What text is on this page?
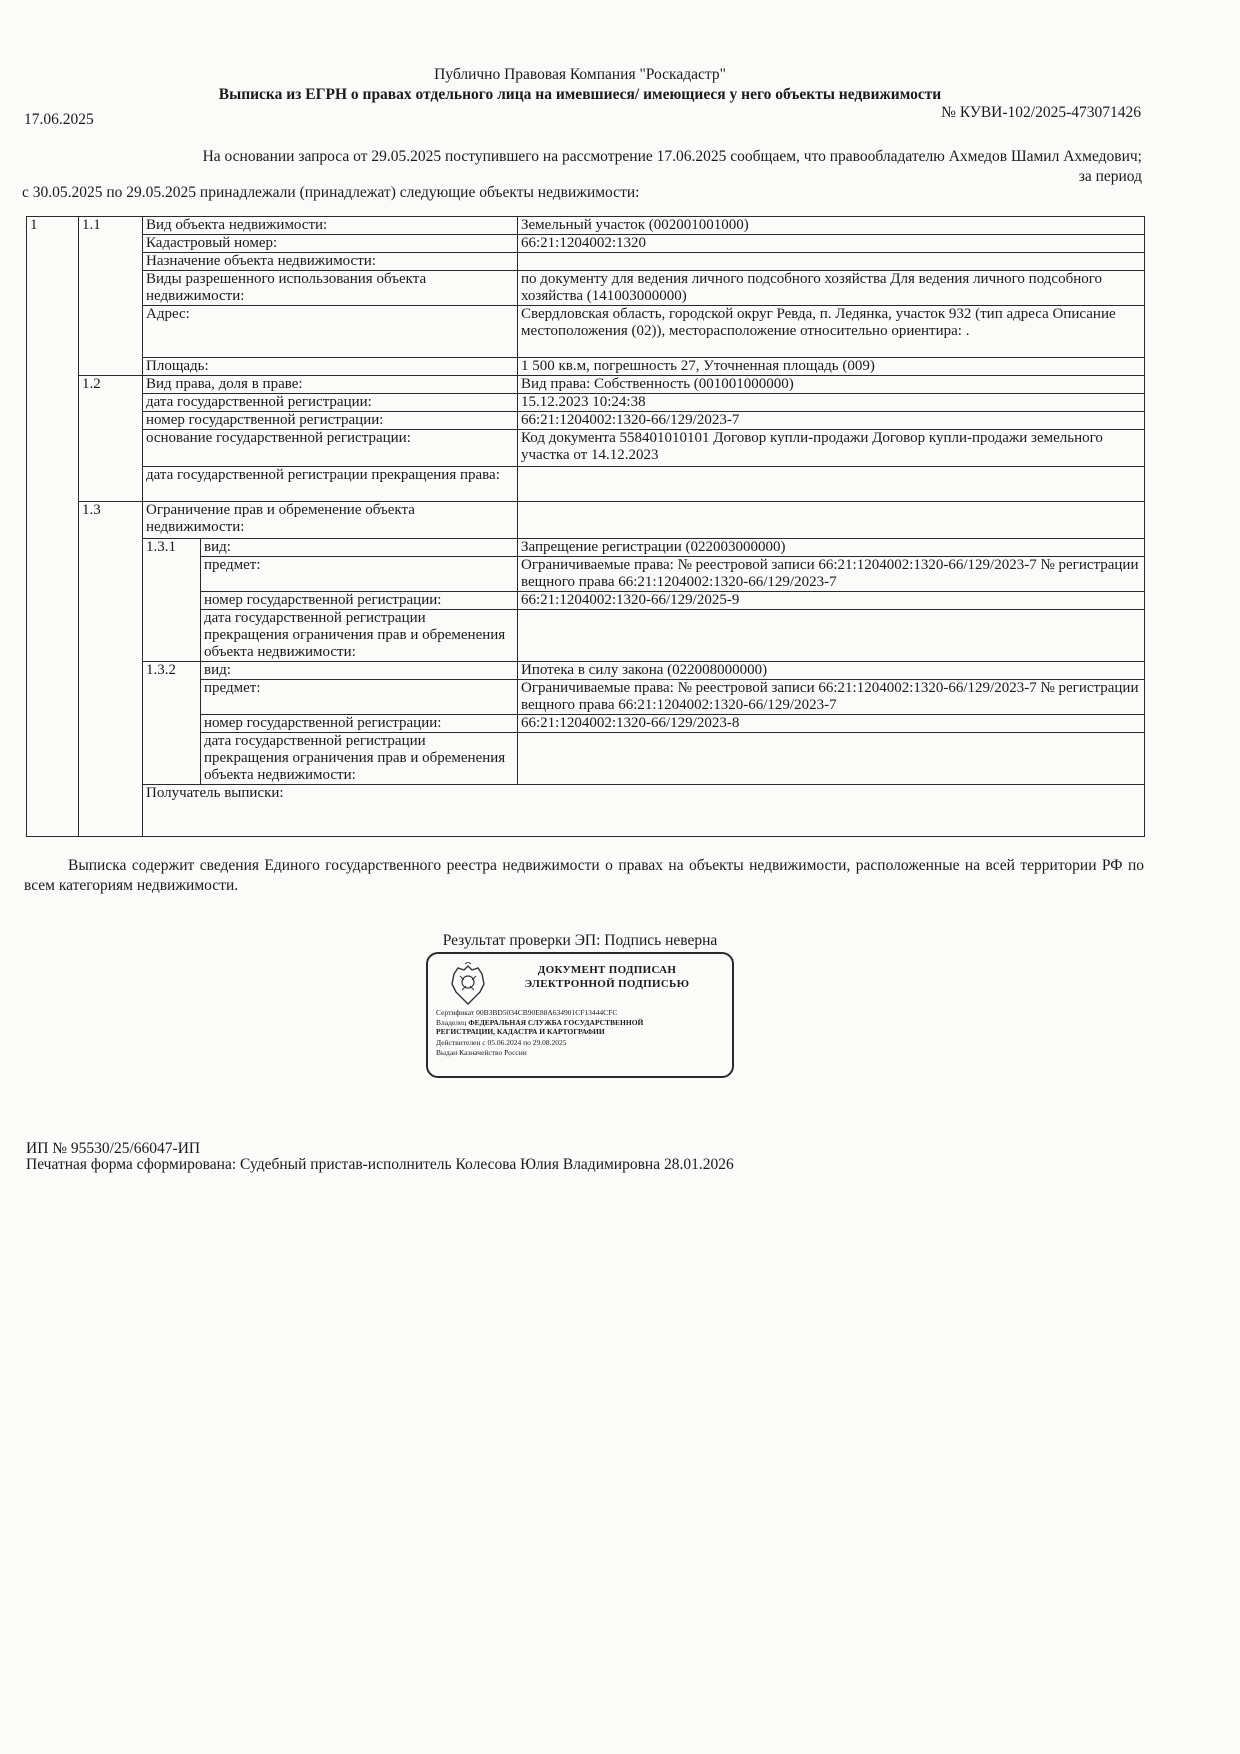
Публично Правовая Компания "Роскадастр"
Выписка из ЕГРН о правах отдельного лица на имевшиеся/ имеющиеся у него объекты недвижимости
17.06.2025	№ КУВИ-102/2025-473071426
На основании запроса от 29.05.2025 поступившего на рассмотрение 17.06.2025 сообщаем, что правообладателю Ахмедов Шамил Ахмедович;
за период
с 30.05.2025 по 29.05.2025 принадлежали (принадлежат) следующие объекты недвижимости:
1	1.1	Вид объекта недвижимости:		Земельный участок (002001001000)	
		Кадастровый номер:		66:21:1204002:1320	
		Назначение объекта недвижимости:			
		Виды разрешенного использования объекта недвижимости:		по документу для ведения личного подсобного хозяйства Для ведения личного подсобного хозяйства (141003000000)	
		Адрес:		Свердловская область, городской округ Ревда, п. Ледянка, участок 932 (тип адреса Описание местоположения (02)), месторасположение относительно ориентира: .	
		Площадь:		1 500 кв.м, погрешность 27, Уточненная площадь (009)	
	1.2	Вид права, доля в праве:		Вид права: Собственность (001001000000)	
		дата государственной регистрации:		15.12.2023 10:24:38	
		номер государственной регистрации:		66:21:1204002:1320-66/129/2023-7	
		основание государственной регистрации:		Код документа 558401010101 Договор купли-продажи Договор купли-продажи земельного участка от 14.12.2023	
		дата государственной регистрации прекращения права:			
	1.3	Ограничение прав и обременение объекта недвижимости:			
		1.3.1	вид:	Запрещение регистрации (022003000000)	
			предмет:	Ограничиваемые права: № реестровой записи 66:21:1204002:1320-66/129/2023-7 № регистрации вещного права 66:21:1204002:1320-66/129/2023-7	
			номер государственной регистрации:	66:21:1204002:1320-66/129/2025-9	
			дата государственной регистрации прекращения ограничения прав и обременения объекта недвижимости:		
		1.3.2	вид:	Ипотека в силу закона (022008000000)	
			предмет:	Ограничиваемые права: № реестровой записи 66:21:1204002:1320-66/129/2023-7 № регистрации вещного права 66:21:1204002:1320-66/129/2023-7	
			номер государственной регистрации:	66:21:1204002:1320-66/129/2023-8	
			дата государственной регистрации прекращения ограничения прав и обременения объекта недвижимости:		
		Получатель выписки:	
Выписка содержит сведения Единого государственного реестра недвижимости о правах на объекты недвижимости, расположенные на всей территории РФ по всем категориям недвижимости.
Результат проверки ЭП: Подпись неверна
ДОКУМЕНТ ПОДПИСАН
ЭЛЕКТРОННОЙ ПОДПИСЬЮ
Сертификат 00B3BD5034CB90E88A634901CF13444CFC
Владелец ФЕДЕРАЛЬНАЯ СЛУЖБА ГОСУДАРСТВЕННОЙ
РЕГИСТРАЦИИ, КАДАСТРА И КАРТОГРАФИИ
Действителен с 05.06.2024 по 29.08.2025
Выдан Казначейство России
ИП № 95530/25/66047-ИП
Печатная форма сформирована: Судебный пристав-исполнитель Колесова Юлия Владимировна 28.01.2026
